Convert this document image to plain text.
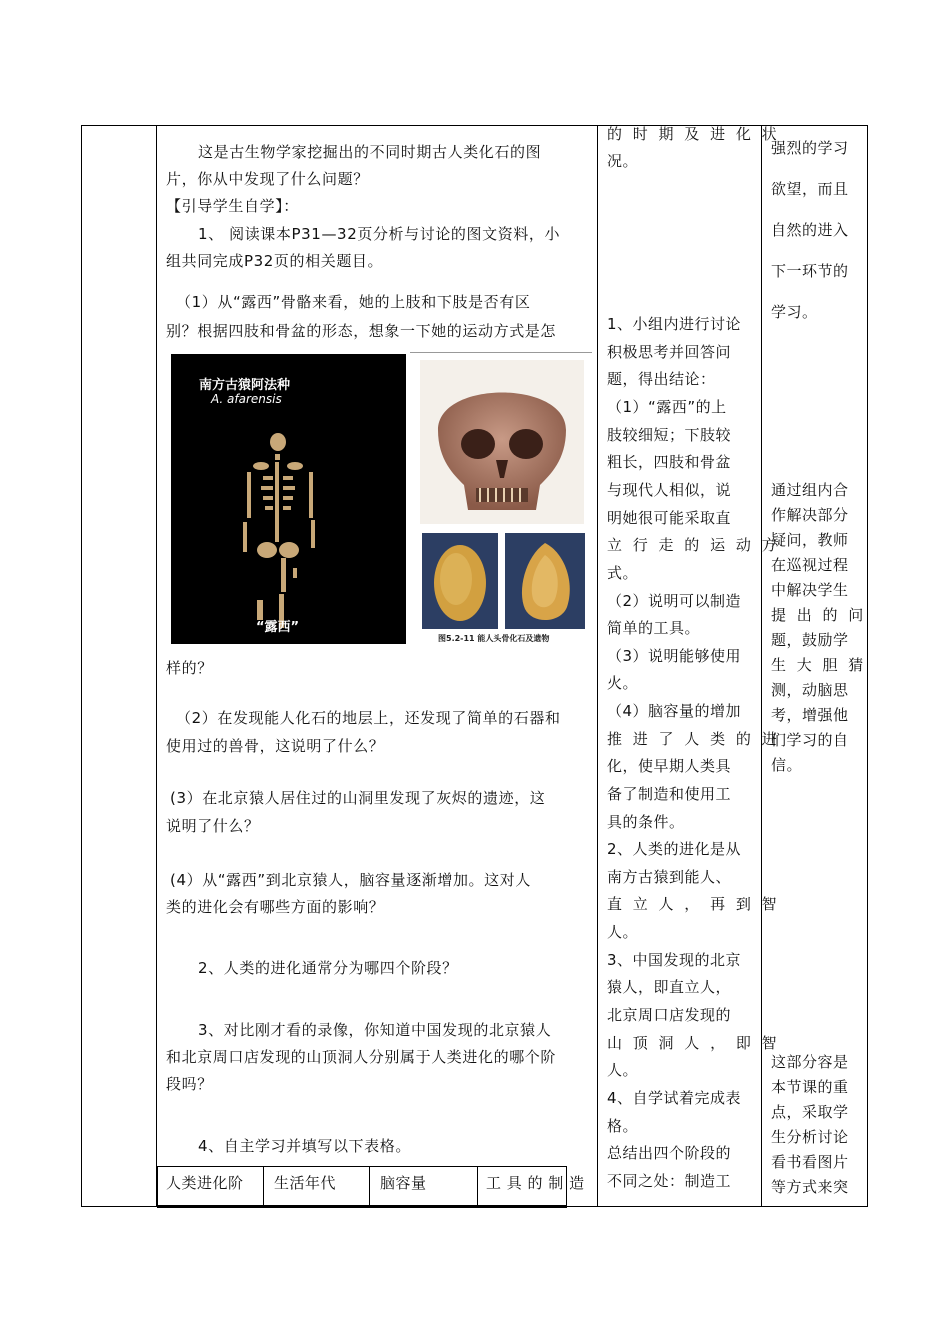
这是古生物学家挖掘出的不同时期古人类化石的图
片，你从中发现了什么问题？
【引导学生自学】：
1、 阅读课本P31—32页分析与讨论的图文资料，小
组共同完成P32页的相关题目。
（1）从“露西”骨骼来看，她的上肢和下肢是否有区
别？根据四肢和骨盆的形态，想象一下她的运动方式是怎
南方古猿阿法种
A. afarensis
“露西”
图5.2-11 能人头骨化石及遗物
样的？
（2）在发现能人化石的地层上，还发现了简单的石器和
使用过的兽骨，这说明了什么？
(3）在北京猿人居住过的山洞里发现了灰烬的遗迹，这
说明了什么？
(4）从“露西”到北京猿人，脑容量逐渐增加。这对人
类的进化会有哪些方面的影响？
2、人类的进化通常分为哪四个阶段？
3、对比刚才看的录像，你知道中国发现的北京猿人
和北京周口店发现的山顶洞人分别属于人类进化的哪个阶
段吗？
4、自主学习并填写以下表格。
人类进化阶 生活年代	脑容量	工 具 的 制 造
的 时 期 及 进 化 状
况。
1、小组内进行讨论
积极思考并回答问
题，得出结论：
（1）“露西”的上
肢较细短；下肢较
粗长，四肢和骨盆
与现代人相似，说
明她很可能采取直
立 行 走 的 运 动 方
式。
（2）说明可以制造
简单的工具。
（3）说明能够使用
火。
（4）脑容量的增加
推 进 了 人 类 的 进
化，使早期人类具
备了制造和使用工
具的条件。
2、人类的进化是从
南方古猿到能人、
直 立 人 ， 再 到 智
人。
3、中国发现的北京
猿人，即直立人，
北京周口店发现的
山 顶 洞 人 ， 即 智
人。
4、自学试着完成表
格。
总结出四个阶段的
不同之处：制造工
强烈的学习
欲望，而且
自然的进入
下一环节的
学习。
通过组内合
作解决部分
疑问，教师
在巡视过程
中解决学生
提 出 的 问
题，鼓励学
生 大 胆 猜
测，动脑思
考，增强他
们学习的自
信。
这部分容是
本节课的重
点，采取学
生分析讨论
看书看图片
等方式来突
